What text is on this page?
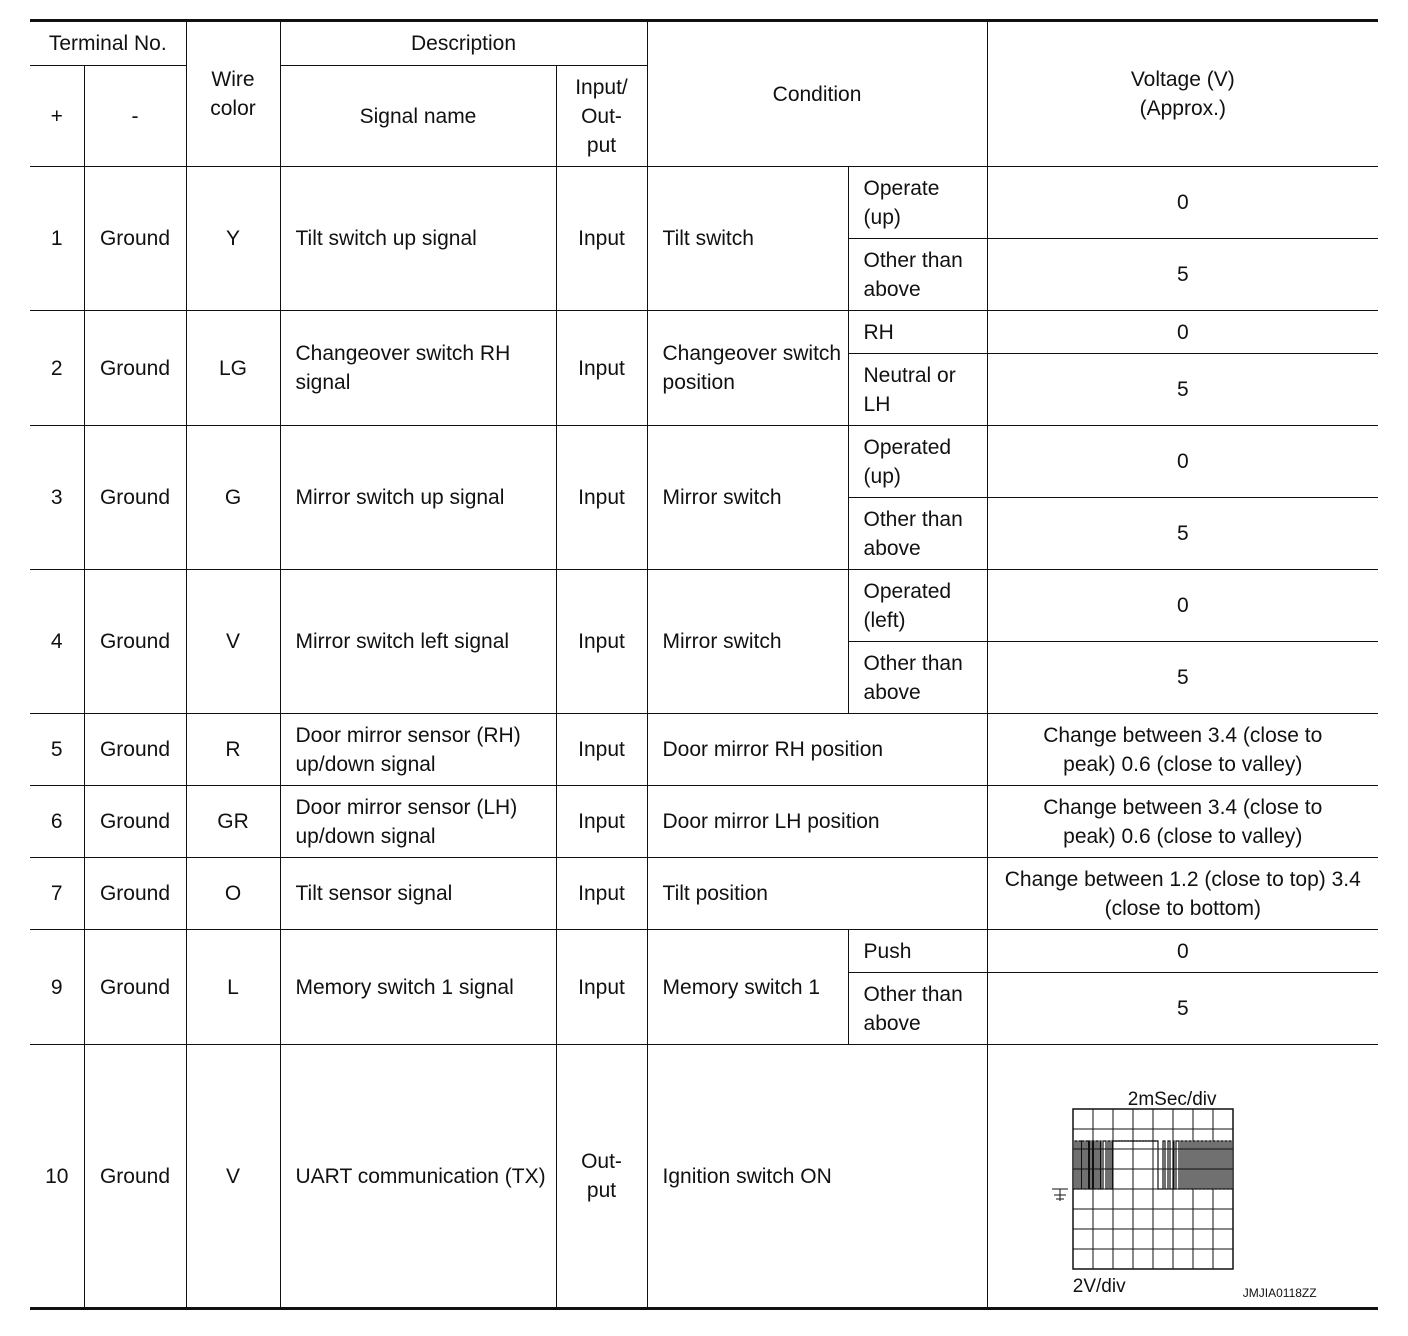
Terminal No.		Wire color	Description		Condition		Voltage (V) (Approx.)

+	-		Signal name	Input/ Out- put			

1	Ground	Y	Tilt switch up signal	Input	Tilt switch	Operate (up)	0
						Other than above	5
2	Ground	LG	Changeover switch RH signal	Input	Changeover switch position	RH	0
						Neutral or LH	5
3	Ground	G	Mirror switch up signal	Input	Mirror switch	Operated (up)	0
						Other than above	5
4	Ground	V	Mirror switch left signal	Input	Mirror switch	Operated (left)	0
						Other than above	5
5	Ground	R	Door mirror sensor (RH) up/down signal	Input	Door mirror RH position		Change between 3.4 (close to peak) 0.6 (close to valley)

6	Ground	GR	Door mirror sensor (LH) up/down signal	Input	Door mirror LH position		Change between 3.4 (close to peak) 0.6 (close to valley)

7	Ground	O	Tilt sensor signal	Input	Tilt position		Change between 1.2 (close to top) 3.4 (close to bottom)

9	Ground	L	Memory switch 1 signal	Input	Memory switch 1	Push	0
						Other than above	5
10	Ground	V	UART communication (TX)	Out- put	Ignition switch ON		2mSec/div
2V/div JMJIA0118ZZ
